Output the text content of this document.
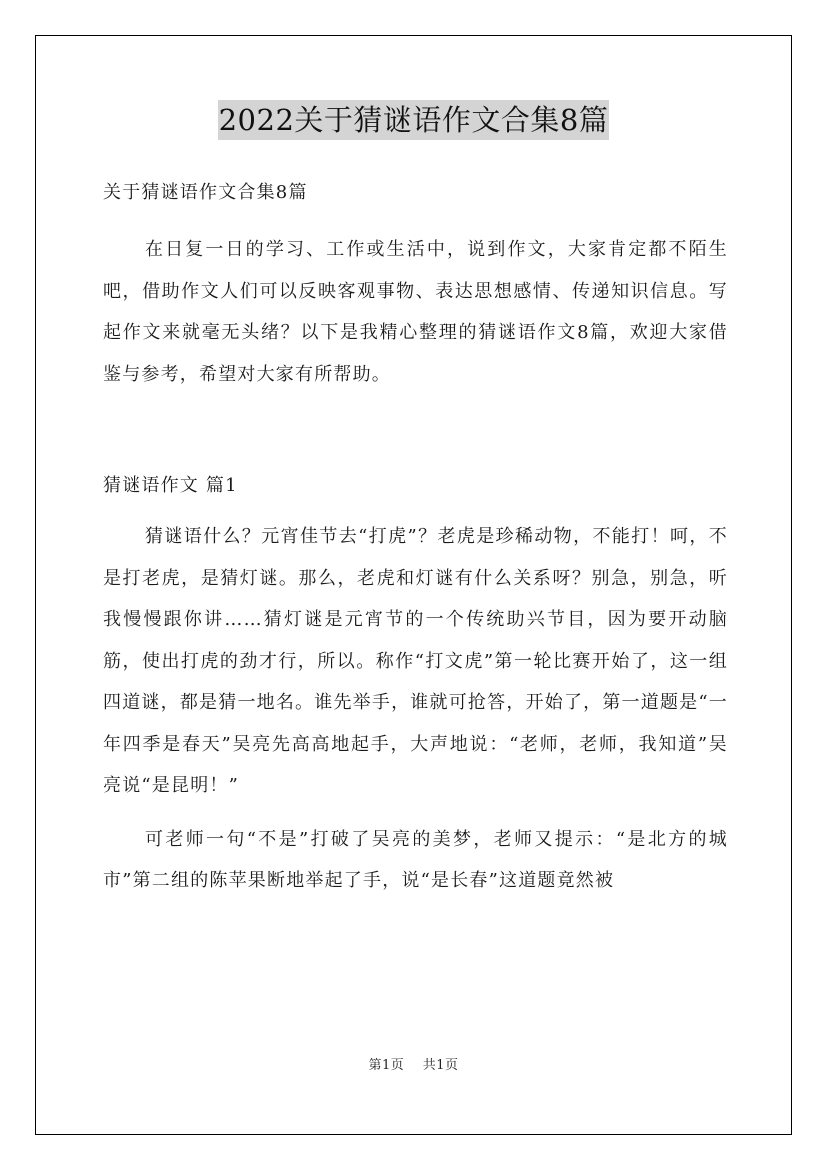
2022关于猜谜语作文合集8篇

关于猜谜语作文合集8篇

在日复一日的学习、工作或生活中，说到作文，大家肯定都不陌生吧，借助作文人们可以反映客观事物、表达思想感情、传递知识信息。写起作文来就毫无头绪？以下是我精心整理的猜谜语作文8篇，欢迎大家借鉴与参考，希望对大家有所帮助。

猜谜语作文 篇1

猜谜语什么？元宵佳节去“打虎”？老虎是珍稀动物，不能打！呵，不是打老虎，是猜灯谜。那么，老虎和灯谜有什么关系呀？别急，别急，听我慢慢跟你讲……猜灯谜是元宵节的一个传统助兴节目，因为要开动脑筋，使出打虎的劲才行，所以。称作“打文虎”第一轮比赛开始了，这一组四道谜，都是猜一地名。谁先举手，谁就可抢答，开始了，第一道题是“一年四季是春天”吴亮先高高地起手，大声地说：“老师，老师，我知道”吴亮说“是昆明！”

可老师一句“不是”打破了吴亮的美梦，老师又提示：“是北方的城市”第二组的陈苹果断地举起了手，说“是长春”这道题竟然被

第1页 共1页
